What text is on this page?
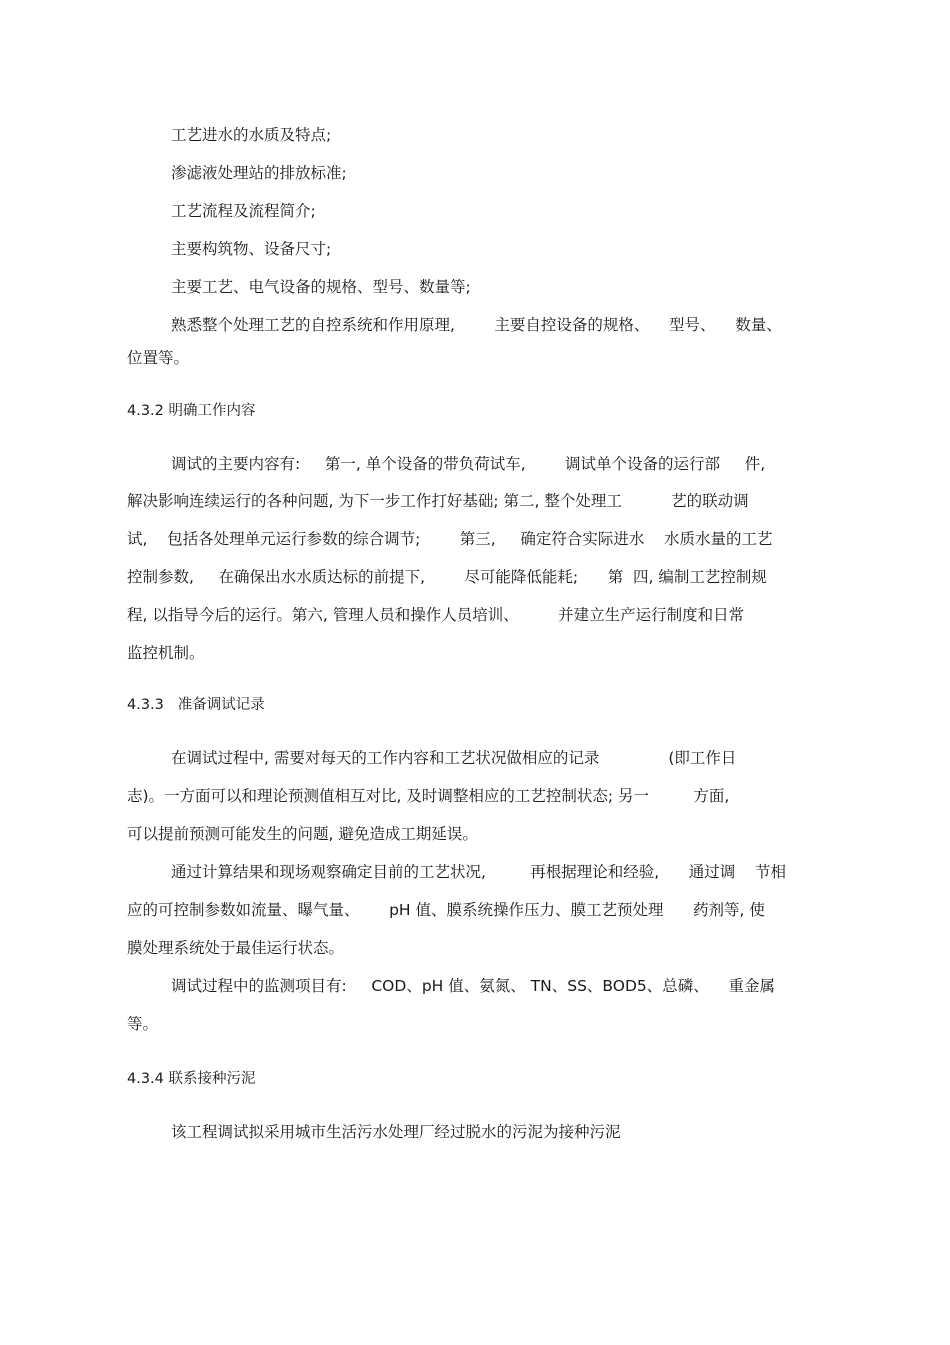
工艺进水的水质及特点;
渗滤液处理站的排放标准;
工艺流程及流程简介;
主要构筑物、设备尺寸;
主要工艺、电气设备的规格、型号、数量等;
熟悉整个处理工艺的自控系统和作用原理,        主要自控设备的规格、    型号、    数量、
位置等。
4.3.2 明确工作内容
调试的主要内容有:     第一, 单个设备的带负荷试车,        调试单个设备的运行部     件,
解决影响连续运行的各种问题, 为下一步工作打好基础; 第二, 整个处理工          艺的联动调
试,    包括各处理单元运行参数的综合调节;        第三,     确定符合实际进水    水质水量的工艺
控制参数,     在确保出水水质达标的前提下,        尽可能降低能耗;      第  四, 编制工艺控制规
程, 以指导今后的运行。第六, 管理人员和操作人员培训、        并建立生产运行制度和日常
监控机制。
4.3.3   准备调试记录
在调试过程中, 需要对每天的工作内容和工艺状况做相应的记录              (即工作日
志)。一方面可以和理论预测值相互对比, 及时调整相应的工艺控制状态; 另一         方面,
可以提前预测可能发生的问题, 避免造成工期延误。
通过计算结果和现场观察确定目前的工艺状况,         再根据理论和经验,      通过调    节相
应的可控制参数如流量、曝气量、      pH 值、膜系统操作压力、膜工艺预处理      药剂等, 使
膜处理系统处于最佳运行状态。
调试过程中的监测项目有:     COD、pH 值、氨氮、 TN、SS、BOD5、总磷、    重金属
等。
4.3.4 联系接种污泥
该工程调试拟采用城市生活污水处理厂经过脱水的污泥为接种污泥
